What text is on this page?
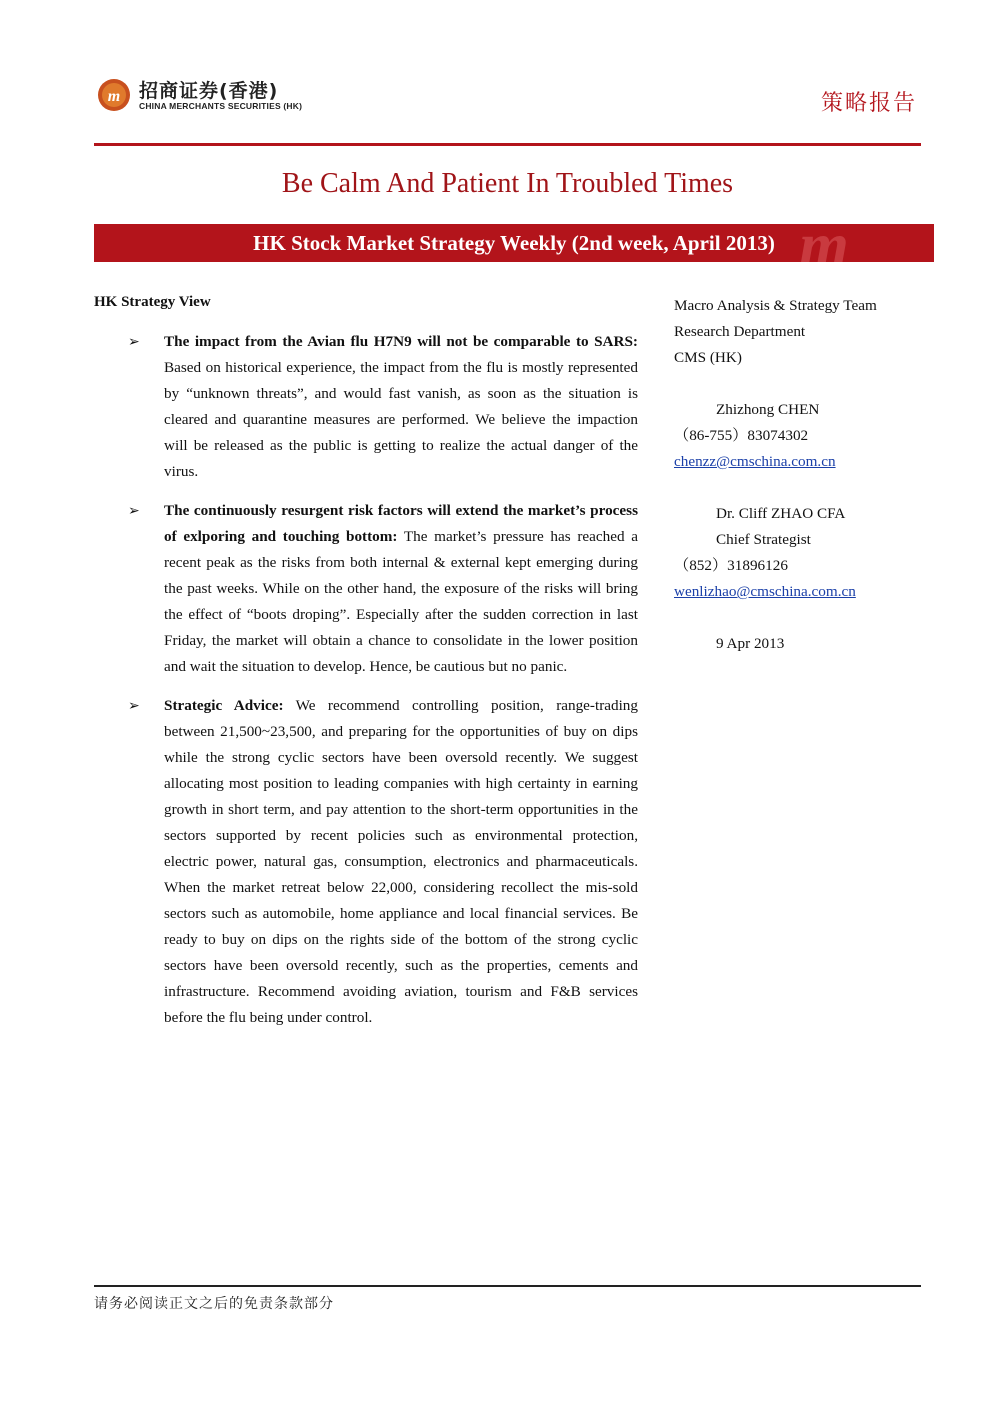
m 招商证券(香港)
CHINA MERCHANTS SECURITIES (HK)	策略报告
Be Calm And Patient In Troubled Times
m
HK Stock Market Strategy Weekly (2nd week, April 2013)
HK Strategy View
➢ The impact from the Avian flu H7N9 will not be comparable to SARS: Based on historical experience, the impact from the flu is mostly represented by “unknown threats”, and would fast vanish, as soon as the situation is cleared and quarantine measures are performed. We believe the impaction will be released as the public is getting to realize the actual danger of the virus.

➢ The continuously resurgent risk factors will extend the market’s process of exlporing and touching bottom: The market’s pressure has reached a recent peak as the risks from both internal & external kept emerging during the past weeks. While on the other hand, the exposure of the risks will bring the effect of “boots droping”. Especially after the sudden correction in last Friday, the market will obtain a chance to consolidate in the lower position and wait the situation to develop. Hence, be cautious but no panic.

➢ Strategic Advice: We recommend controlling position, range-trading between 21,500~23,500, and preparing for the opportunities of buy on dips while the strong cyclic sectors have been oversold recently. We suggest allocating most position to leading companies with high certainty in earning growth in short term, and pay attention to the short-term opportunities in the sectors supported by recent policies such as environmental protection, electric power, natural gas, consumption, electronics and pharmaceuticals. When the market retreat below 22,000, considering recollect the mis-sold sectors such as automobile, home appliance and local financial services. Be ready to buy on dips on the rights side of the bottom of the strong cyclic sectors have been oversold recently, such as the properties, cements and infrastructure. Recommend avoiding aviation, tourism and F&B services before the flu being under control.

Macro Analysis & Strategy Team
Research Department
CMS (HK)
Zhizhong CHEN
（86-755）83074302
chenzz@cmschina.com.cn
Dr. Cliff ZHAO CFA
Chief Strategist
（852）31896126
wenlizhao@cmschina.com.cn
9 Apr 2013
请务必阅读正文之后的免责条款部分
